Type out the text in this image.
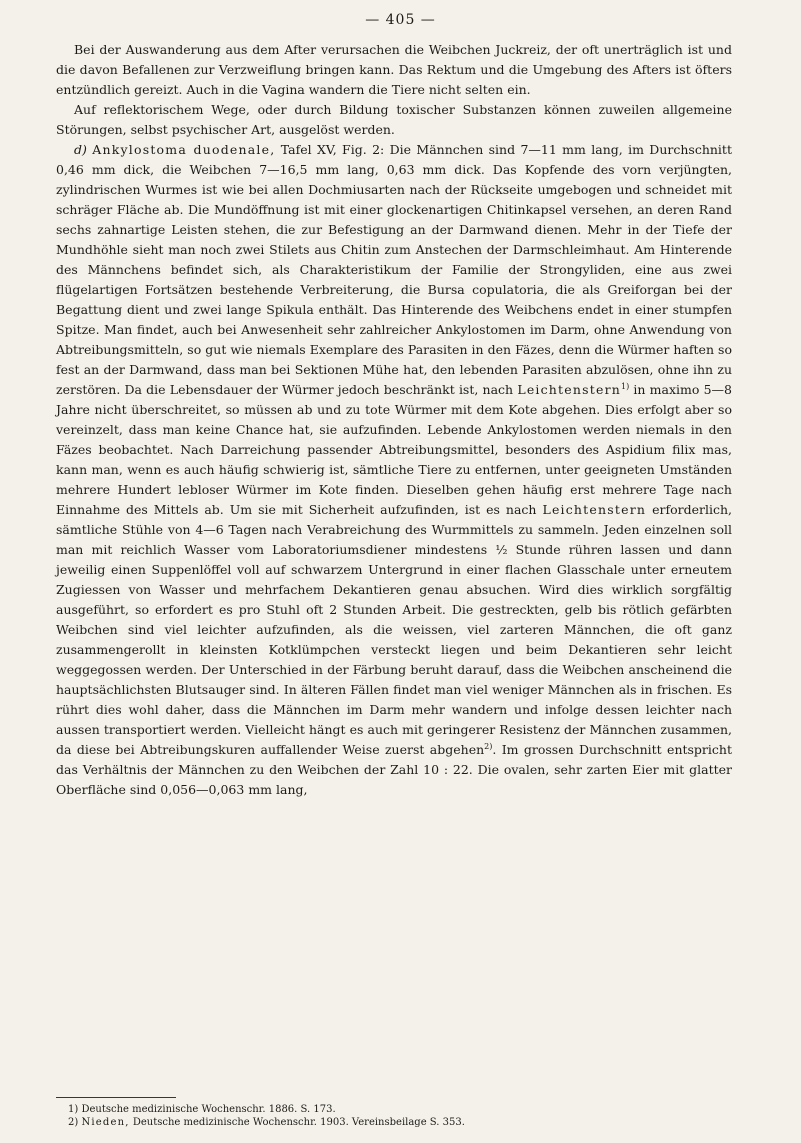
— 405 —

Bei der Auswanderung aus dem After verursachen die Weibchen Juckreiz, der oft unerträglich ist und die davon Befallenen zur Verzweiflung bringen kann. Das Rektum und die Umgebung des Afters ist öfters entzündlich gereizt. Auch in die Vagina wandern die Tiere nicht selten ein.

Auf reflektorischem Wege, oder durch Bildung toxischer Substanzen können zuweilen allgemeine Störungen, selbst psychischer Art, ausgelöst werden.

d) Ankylostoma duodenale, Tafel XV, Fig. 2: Die Männchen sind 7—11 mm lang, im Durchschnitt 0,46 mm dick, die Weibchen 7—16,5 mm lang, 0,63 mm dick. Das Kopfende des vorn verjüngten, zylindrischen Wurmes ist wie bei allen Dochmiusarten nach der Rückseite umgebogen und schneidet mit schräger Fläche ab. Die Mundöffnung ist mit einer glockenartigen Chitinkapsel versehen, an deren Rand sechs zahnartige Leisten stehen, die zur Befestigung an der Darmwand dienen. Mehr in der Tiefe der Mundhöhle sieht man noch zwei Stilets aus Chitin zum Anstechen der Darmschleimhaut. Am Hinterende des Männchens befindet sich, als Charakteristikum der Familie der Strongyliden, eine aus zwei flügelartigen Fortsätzen bestehende Verbreiterung, die Bursa copulatoria, die als Greiforgan bei der Begattung dient und zwei lange Spikula enthält. Das Hinterende des Weibchens endet in einer stumpfen Spitze. Man findet, auch bei Anwesenheit sehr zahlreicher Ankylostomen im Darm, ohne Anwendung von Abtreibungsmitteln, so gut wie niemals Exemplare des Parasiten in den Fäzes, denn die Würmer haften so fest an der Darmwand, dass man bei Sektionen Mühe hat, den lebenden Parasiten abzulösen, ohne ihn zu zerstören. Da die Lebensdauer der Würmer jedoch beschränkt ist, nach Leichtenstern$^{1)}$ in maximo 5—8 Jahre nicht überschreitet, so müssen ab und zu tote Würmer mit dem Kote abgehen. Dies erfolgt aber so vereinzelt, dass man keine Chance hat, sie aufzufinden. Lebende Ankylostomen werden niemals in den Fäzes beobachtet. Nach Darreichung passender Abtreibungsmittel, besonders des Aspidium filix mas, kann man, wenn es auch häufig schwierig ist, sämtliche Tiere zu entfernen, unter geeigneten Umständen mehrere Hundert lebloser Würmer im Kote finden. Dieselben gehen häufig erst mehrere Tage nach Einnahme des Mittels ab. Um sie mit Sicherheit aufzufinden, ist es nach Leichtenstern erforderlich, sämtliche Stühle von 4—6 Tagen nach Verabreichung des Wurmmittels zu sammeln. Jeden einzelnen soll man mit reichlich Wasser vom Laboratoriumsdiener mindestens ½ Stunde rühren lassen und dann jeweilig einen Suppenlöffel voll auf schwarzem Untergrund in einer flachen Glasschale unter erneutem Zugiessen von Wasser und mehrfachem Dekantieren genau absuchen. Wird dies wirklich sorgfältig ausgeführt, so erfordert es pro Stuhl oft 2 Stunden Arbeit. Die gestreckten, gelb bis rötlich gefärbten Weibchen sind viel leichter aufzufinden, als die weissen, viel zarteren Männchen, die oft ganz zusammengerollt in kleinsten Kotklümpchen versteckt liegen und beim Dekantieren sehr leicht weggegossen werden. Der Unterschied in der Färbung beruht darauf, dass die Weibchen anscheinend die hauptsächlichsten Blutsauger sind. In älteren Fällen findet man viel weniger Männchen als in frischen. Es rührt dies wohl daher, dass die Männchen im Darm mehr wandern und infolge dessen leichter nach aussen transportiert werden. Vielleicht hängt es auch mit geringerer Resistenz der Männchen zusammen, da diese bei Abtreibungskuren auffallender Weise zuerst abgehen$^{2)}$. Im grossen Durchschnitt entspricht das Verhältnis der Männchen zu den Weibchen der Zahl 10 : 22. Die ovalen, sehr zarten Eier mit glatter Oberfläche sind 0,056—0,063 mm lang,

1) Deutsche medizinische Wochenschr. 1886. S. 173.
2) Nieden, Deutsche medizinische Wochenschr. 1903. Vereinsbeilage S. 353.
